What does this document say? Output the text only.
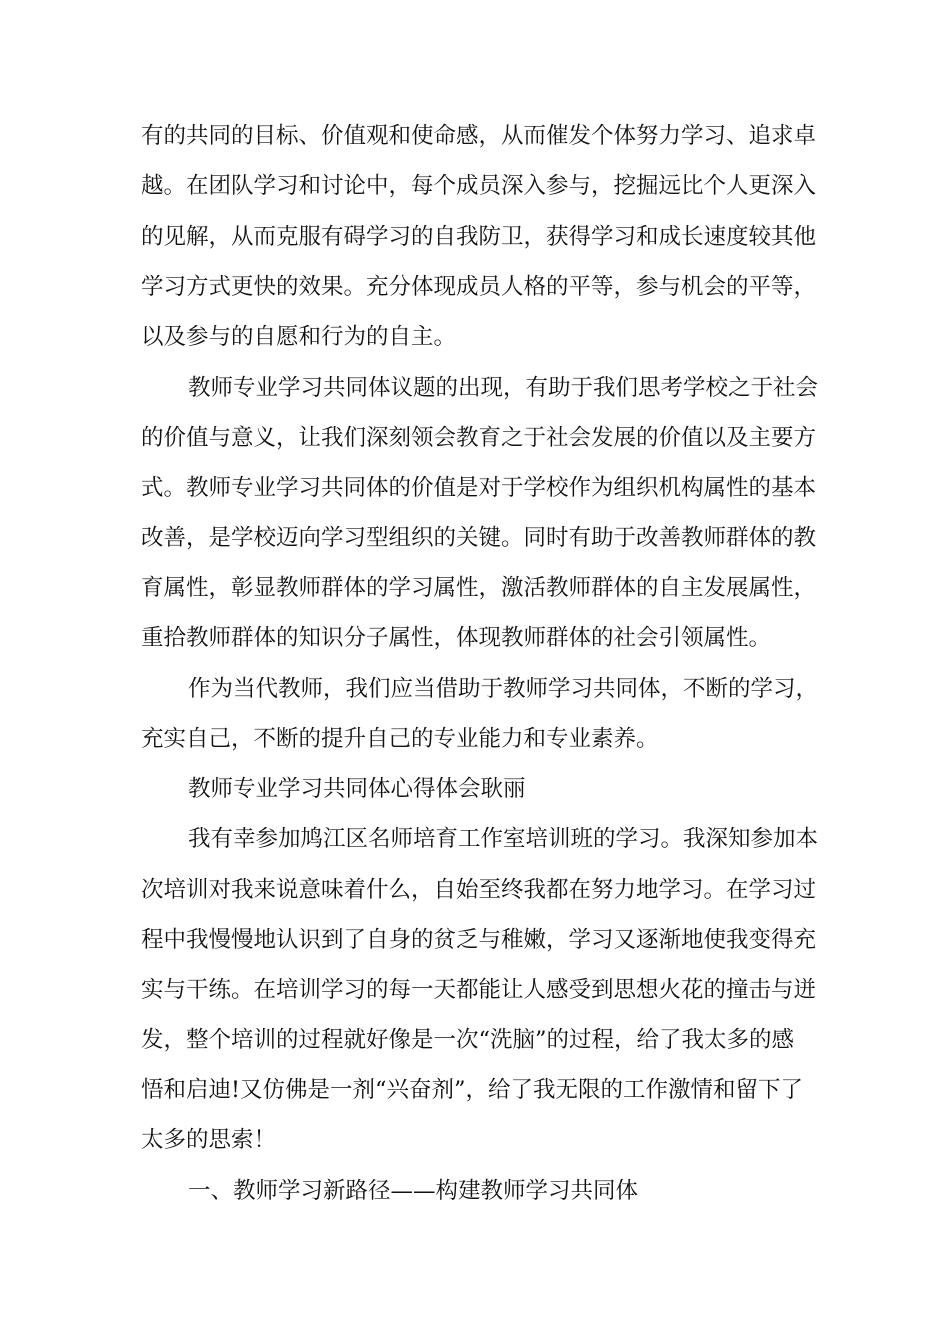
有的共同的目标、价值观和使命感，从而催发个体努力学习、追求卓
越。在团队学习和讨论中，每个成员深入参与，挖掘远比个人更深入
的见解，从而克服有碍学习的自我防卫，获得学习和成长速度较其他
学习方式更快的效果。充分体现成员人格的平等，参与机会的平等，
以及参与的自愿和行为的自主。
教师专业学习共同体议题的出现，有助于我们思考学校之于社会
的价值与意义，让我们深刻领会教育之于社会发展的价值以及主要方
式。教师专业学习共同体的价值是对于学校作为组织机构属性的基本
改善，是学校迈向学习型组织的关键。同时有助于改善教师群体的教
育属性，彰显教师群体的学习属性，激活教师群体的自主发展属性，
重拾教师群体的知识分子属性，体现教师群体的社会引领属性。
作为当代教师，我们应当借助于教师学习共同体，不断的学习，
充实自己，不断的提升自己的专业能力和专业素养。
教师专业学习共同体心得体会耿丽
我有幸参加鸠江区名师培育工作室培训班的学习。我深知参加本
次培训对我来说意味着什么，自始至终我都在努力地学习。在学习过
程中我慢慢地认识到了自身的贫乏与稚嫩，学习又逐渐地使我变得充
实与干练。在培训学习的每一天都能让人感受到思想火花的撞击与迸
发，整个培训的过程就好像是一次“洗脑”的过程，给了我太多的感
悟和启迪!又仿佛是一剂“兴奋剂”，给了我无限的工作激情和留下了
太多的思索！
一、教师学习新路径——构建教师学习共同体
